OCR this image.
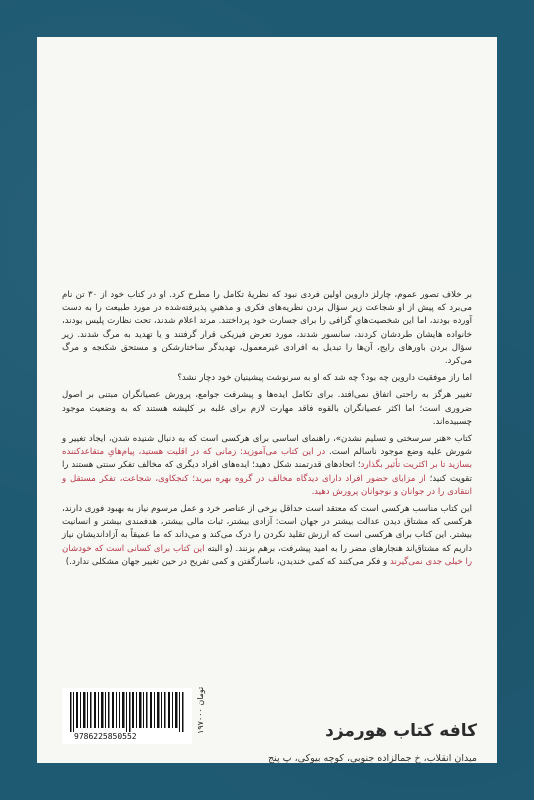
بر خلاف تصور عموم، چارلز داروین اولین فردی نبود که نظریهٔ تکامل را مطرح کرد. او در کتاب خود از ۳۰ تن نام می‌برد که پیش از او شجاعت زیر سؤال بردن نظریه‌های فکری و مذهبیِ پذیرفته‌شده در مورد طبیعت را به دست آورده بودند، اما این شخصیت‌هایِ گزافی را برای جسارت خود پرداختند. مرتد اعلام شدند، تحت نظارت پلیس بودند، خانواده هایشان طردشان کردند، سانسور شدند، مورد تعرض فیزیکی قرار گرفتند و یا تهدید به مرگ شدند. زیر سؤال بردن باورهای رایج، آن‌ها را تبدیل به افرادی غیرمعمول، تهدیدگر ساختارشکن و مستحق شکنجه و مرگ می‌کرد.

اما راز موفقیت داروین چه بود؟ چه شد که او به سرنوشت پیشینیان خود دچار نشد؟

تغییر هرگز به راحتی اتفاق نمی‌افتد. برای تکامل ایده‌ها و پیشرفت جوامع، پرورش عصیانگران مبتنی بر اصول ضروری است؛ اما اکثر عصیانگران بالقوه فاقد مهارت لازم برای غلبه بر کلیشه هستند که به وضعیت موجود چسبیده‌اند.

کتاب «هنر سرسختی و تسلیم نشدن»، راهنمای اساسی برای هرکسی است که به دنبال شنیده شدن، ایجاد تغییر و شورش علیه وضع موجود ناسالم است. در این کتاب می‌آموزید: زمانی که در اقلیت هستید، پیام‌هایِ متقاعدکننده بسازید تا بر اکثریت تأثیر بگذارد؛ اتحادهای قدرتمند شکل دهید؛ ایده‌های افراد دیگری که مخالف تفکر سنتی هستند را تقویت کنید؛ از مزایای حضور افراد دارای دیدگاه مخالف در گروه بهره ببرید؛ کنجکاوی، شجاعت، تفکر مستقل و انتقادی را در جوانان و نوجوانان پرورش دهید.

این کتاب مناسب هرکسی است که معتقد است حداقل برخی از عناصر خرد و عمل مرسوم نیاز به بهبود فوری دارند، هرکسی که مشتاق دیدن عدالت بیشتر در جهان است: آزادی بیشتر، ثبات مالی بیشتر، هدفمندی بیشتر و انسانیت بیشتر. این کتاب برای هرکسی است که ارزش تقلید نکردن را درک می‌کند و می‌داند که ما عمیقاً به آزاداندیشان نیاز داریم که مشتاق‌اند هنجارهای مضر را به امید پیشرفت، برهم بزنند. (و البته این کتاب برای کسانی است که خودشان را خیلی جدی نمی‌گیرند و فکر می‌کنند که کمی خندیدن، ناسازگفتن و کمی تفریح در حین تغییر جهان مشکلی ندارد.)

کافه کتاب هورمزد
میدان انقلاب، خ جمالزاده جنوبی، کوچه بیوکی، پ پنج
9786225850552
۱۹۷۰۰۰ تومان
